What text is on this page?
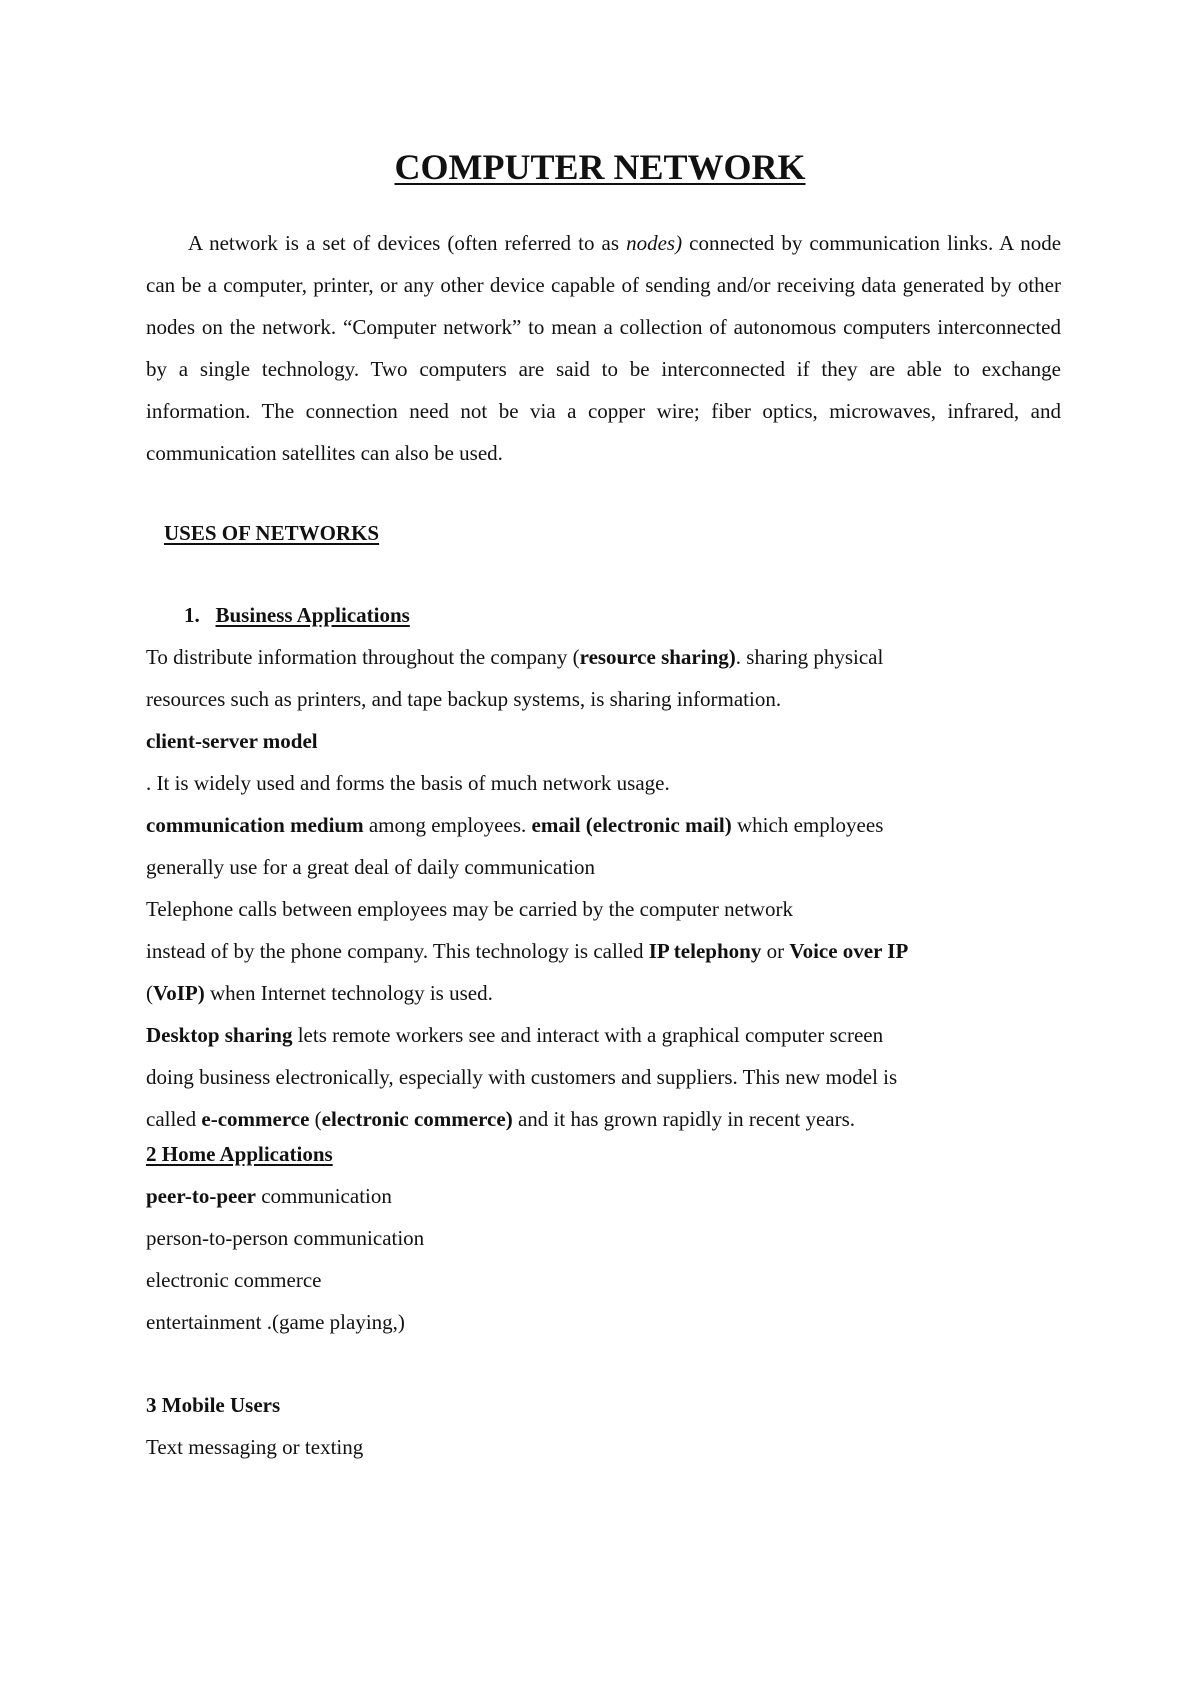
COMPUTER NETWORK

A network is a set of devices (often referred to as nodes) connected by communication links. A node can be a computer, printer, or any other device capable of sending and/or receiving data generated by other nodes on the network. “Computer network” to mean a collection of autonomous computers interconnected by a single technology. Two computers are said to be interconnected if they are able to exchange information. The connection need not be via a copper wire; fiber optics, microwaves, infrared, and communication satellites can also be used.

USES OF NETWORKS
1. Business Applications
To distribute information throughout the company (resource sharing). sharing physical
resources such as printers, and tape backup systems, is sharing information.
client-server model
. It is widely used and forms the basis of much network usage.
communication medium among employees. email (electronic mail) which employees
generally use for a great deal of daily communication
Telephone calls between employees may be carried by the computer network
instead of by the phone company. This technology is called IP telephony or Voice over IP
(VoIP) when Internet technology is used.
Desktop sharing lets remote workers see and interact with a graphical computer screen
doing business electronically, especially with customers and suppliers. This new model is
called e-commerce (electronic commerce) and it has grown rapidly in recent years.
2 Home Applications
peer-to-peer communication
person-to-person communication
electronic commerce
entertainment .(game playing,)
3 Mobile Users
Text messaging or texting
